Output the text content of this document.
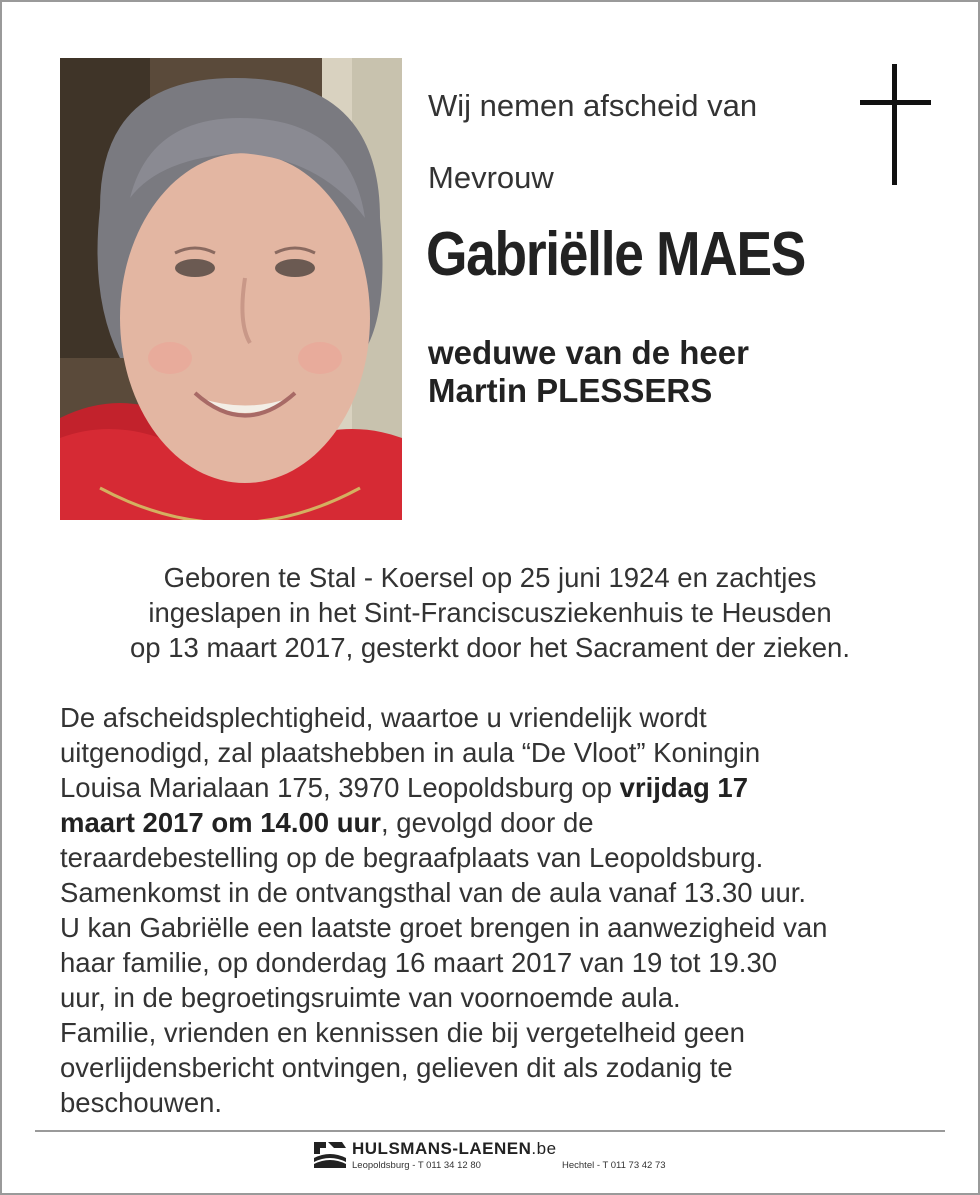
Wij nemen afscheid van
Mevrouw
Gabriëlle MAES
weduwe van de heer
Martin PLESSERS
Geboren te Stal - Koersel op 25 juni 1924 en zachtjes
ingeslapen in het Sint-Franciscusziekenhuis te Heusden
op 13 maart 2017, gesterkt door het Sacrament der zieken.
De afscheidsplechtigheid, waartoe u vriendelijk wordt
uitgenodigd, zal plaatshebben in aula “De Vloot” Koningin
Louisa Marialaan 175, 3970 Leopoldsburg op vrijdag 17
maart 2017 om 14.00 uur, gevolgd door de
teraardebestelling op de begraafplaats van Leopoldsburg.
Samenkomst in de ontvangsthal van de aula vanaf 13.30 uur.
U kan Gabriëlle een laatste groet brengen in aanwezigheid van
haar familie, op donderdag 16 maart 2017 van 19 tot 19.30
uur, in de begroetingsruimte van voornoemde aula.
Familie, vrienden en kennissen die bij vergetelheid geen
overlijdensbericht ontvingen, gelieven dit als zodanig te
beschouwen.
HULSMANS-LAENEN.be
Leopoldsburg - T 011 34 12 80	Hechtel - T 011 73 42 73
